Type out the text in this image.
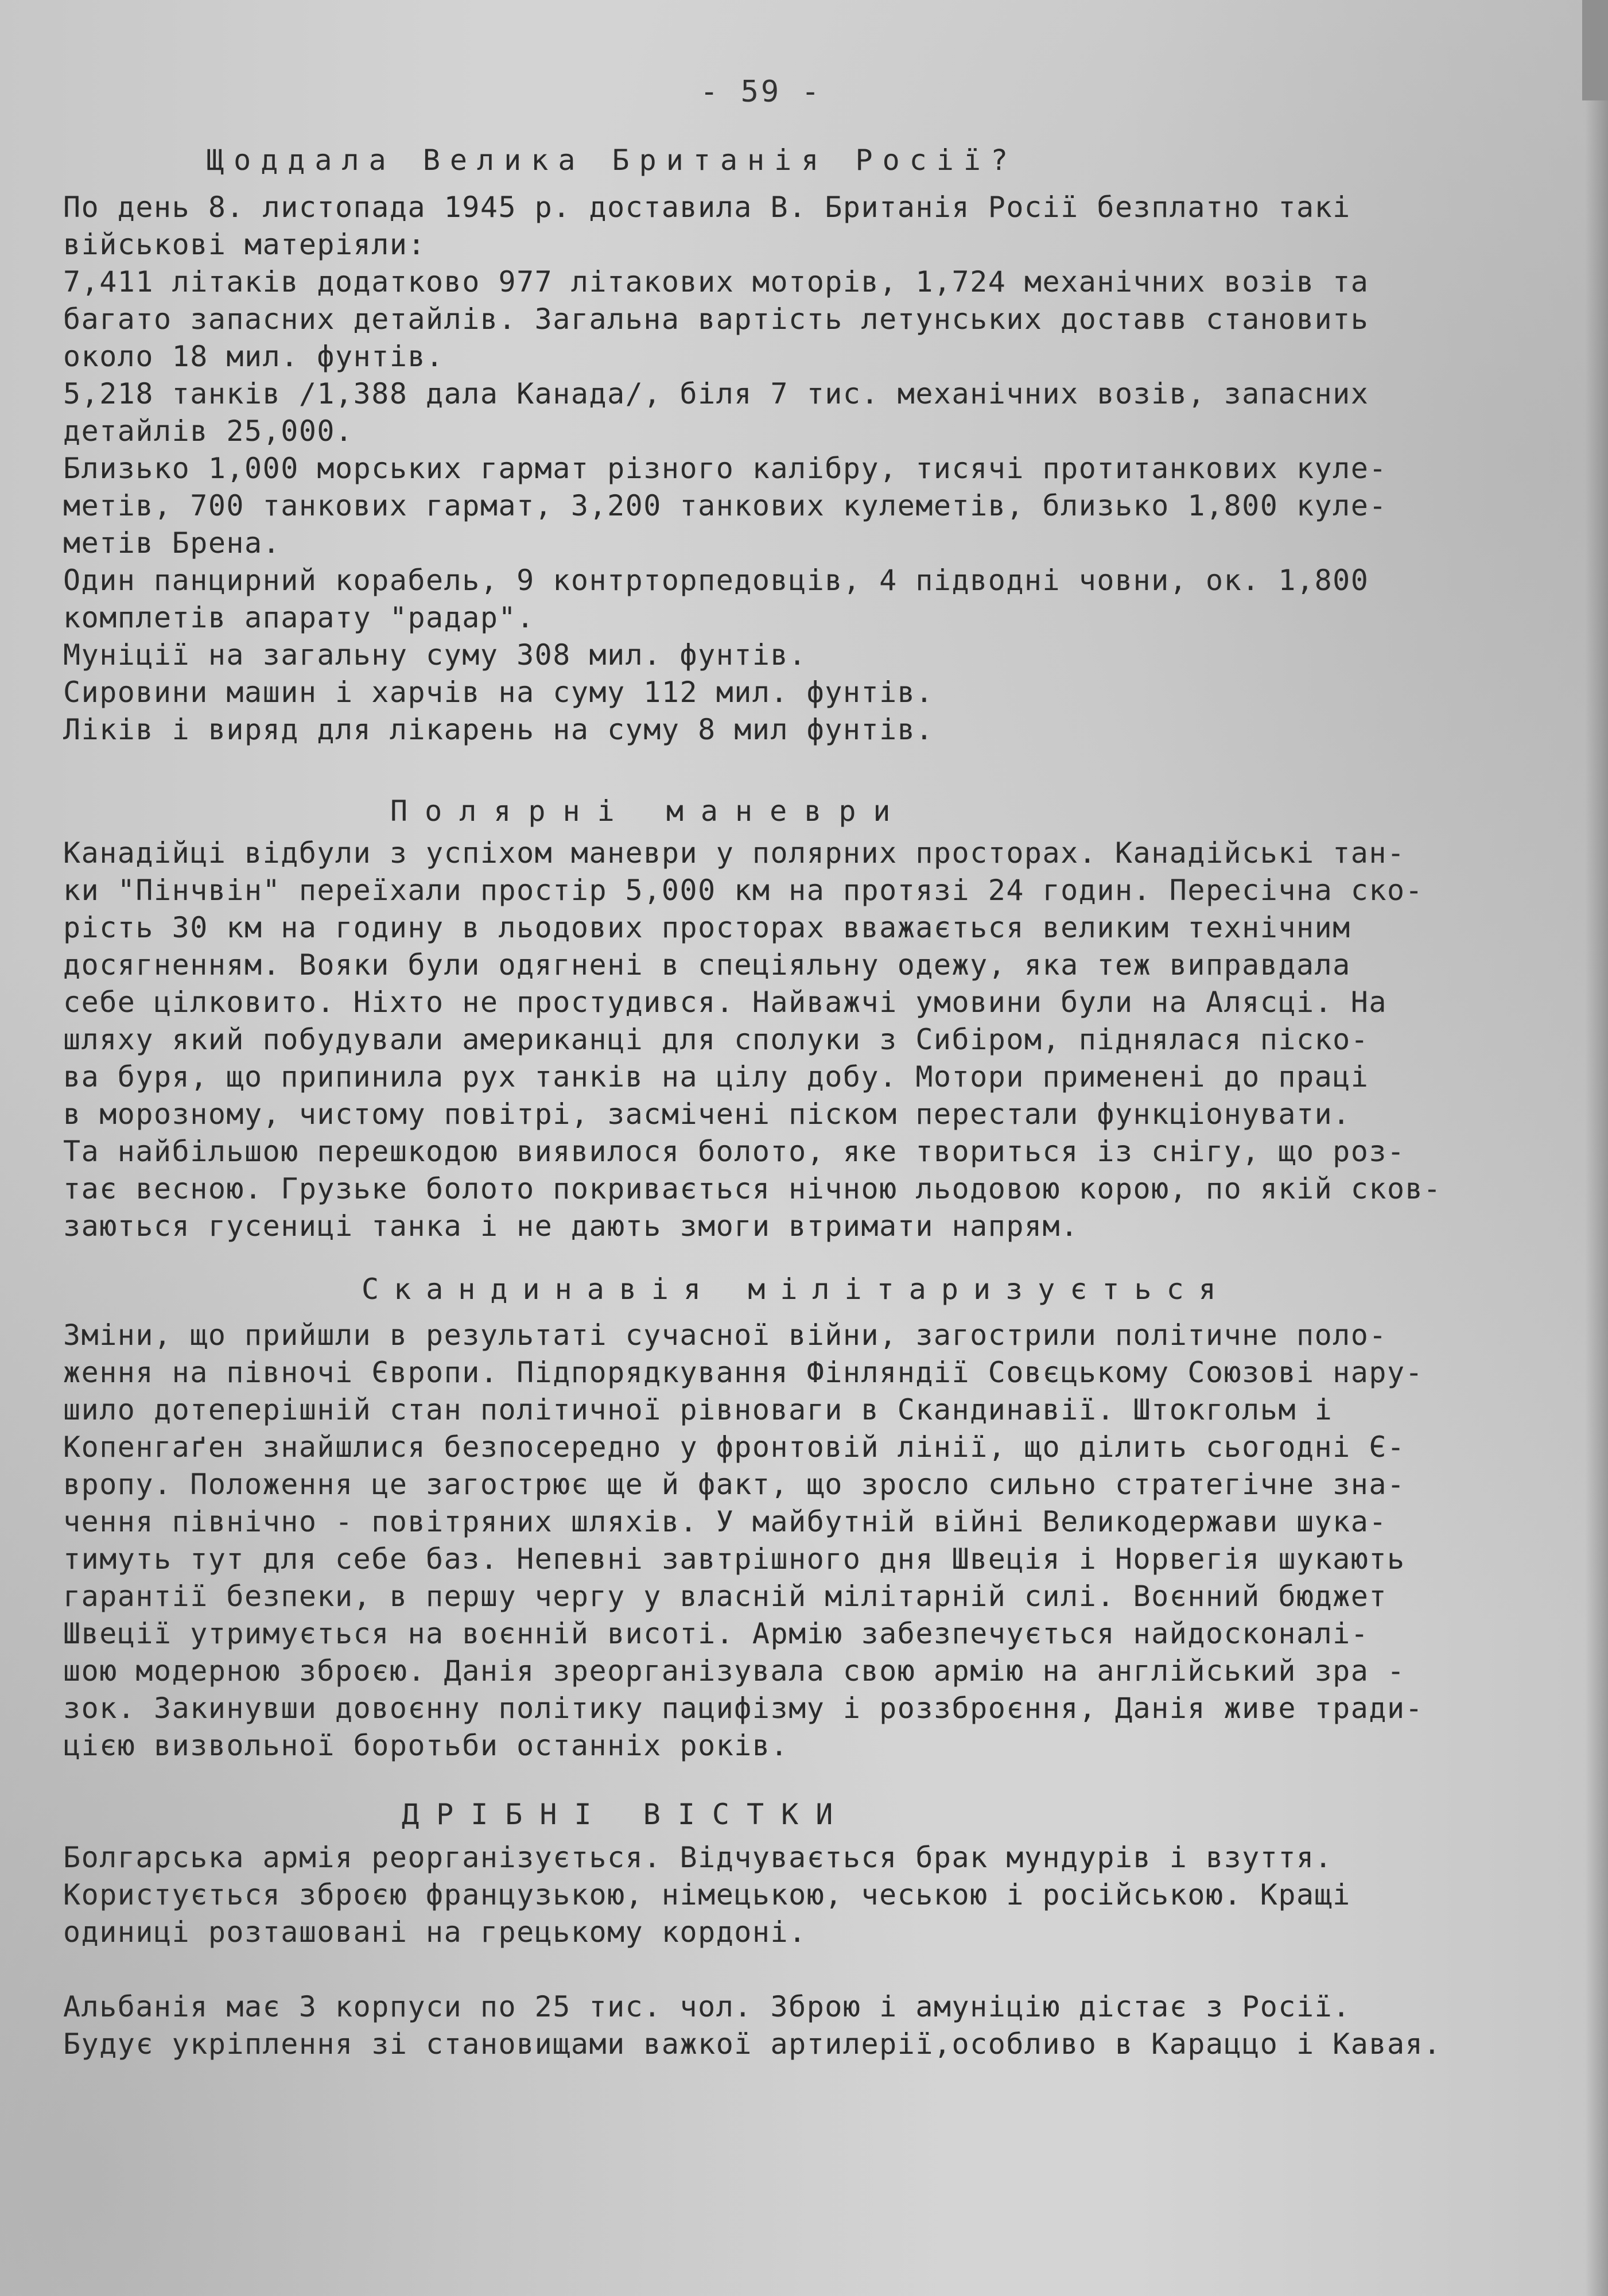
- 59 -
Щоддала Велика Британія Росії?
По день 8. листопада 1945 р. доставила В. Британія Росії безплатно такі
військові матеріяли:
7,411 літаків додатково 977 літакових моторів, 1,724 механічних возів та
багато запасних детайлів. Загальна вартість летунських доставв становить
около 18 мил. фунтів.
5,218 танків /1,388 дала Канада/, біля 7 тис. механічних возів, запасних
детайлів 25,000.
Близько 1,000 морських гармат різного калібру, тисячі протитанкових куле-
метів, 700 танкових гармат, 3,200 танкових кулеметів, близько 1,800 куле-
метів Брена.
Один панцирний корабель, 9 контрторпедовців, 4 підводні човни, ок. 1,800
комплетів апарату "радар".
Муніції на загальну суму 308 мил. фунтів.
Сировини машин і харчів на суму 112 мил. фунтів.
Ліків і виряд для лікарень на суму 8 мил фунтів.
Полярні маневри
Канадійці відбули з успіхом маневри у полярних просторах. Канадійські тан-
ки "Пінчвін" переїхали простір 5,000 км на протязі 24 годин. Пересічна ско-
рість 30 км на годину в льодових просторах вважається великим технічним
досягненням. Вояки були одягнені в спеціяльну одежу, яка теж виправдала
себе цілковито. Ніхто не простудився. Найважчі умовини були на Алясці. На
шляху який побудували американці для сполуки з Сибіром, піднялася піско-
ва буря, що припинила рух танків на цілу добу. Мотори применені до праці
в морозному, чистому повітрі, засмічені піском перестали функціонувати.
Та найбільшою перешкодою виявилося болото, яке твориться із снігу, що роз-
тає весною. Грузьке болото покривається нічною льодовою корою, по якій сков-
заються гусениці танка і не дають змоги втримати напрям.
Скандинавія мілітаризується
Зміни, що прийшли в результаті сучасної війни, загострили політичне поло-
ження на півночі Європи. Підпорядкування Фінляндії Совєцькому Союзові нару-
шило дотеперішній стан політичної рівноваги в Скандинавії. Штокгольм і
Копенгаґен знайшлися безпосередно у фронтовій лінії, що ділить сьогодні Є-
вропу. Положення це загострює ще й факт, що зросло сильно стратегічне зна-
чення північно - повітряних шляхів. У майбутній війні Великодержави шука-
тимуть тут для себе баз. Непевні завтрішного дня Швеція і Норвегія шукають
гарантії безпеки, в першу чергу у власній мілітарній силі. Воєнний бюджет
Швеції утримується на воєнній висоті. Армію забезпечується найдосконалі-
шою модерною зброєю. Данія зреорганізувала свою армію на англійський зра -
зок. Закинувши довоєнну політику пацифізму і роззброєння, Данія живе тради-
цією визвольної боротьби останніх років.
ДРІБНІ ВІСТКИ
Болгарська армія реорганізується. Відчувається брак мундурів і взуття.
Користується зброєю французькою, німецькою, чеською і російською. Кращі
одиниці розташовані на грецькому кордоні.
Альбанія має 3 корпуси по 25 тис. чол. Зброю і амуніцію дістає з Росії.
Будує укріплення зі становищами важкої артилерії,особливо в Караццо і Кавая.
